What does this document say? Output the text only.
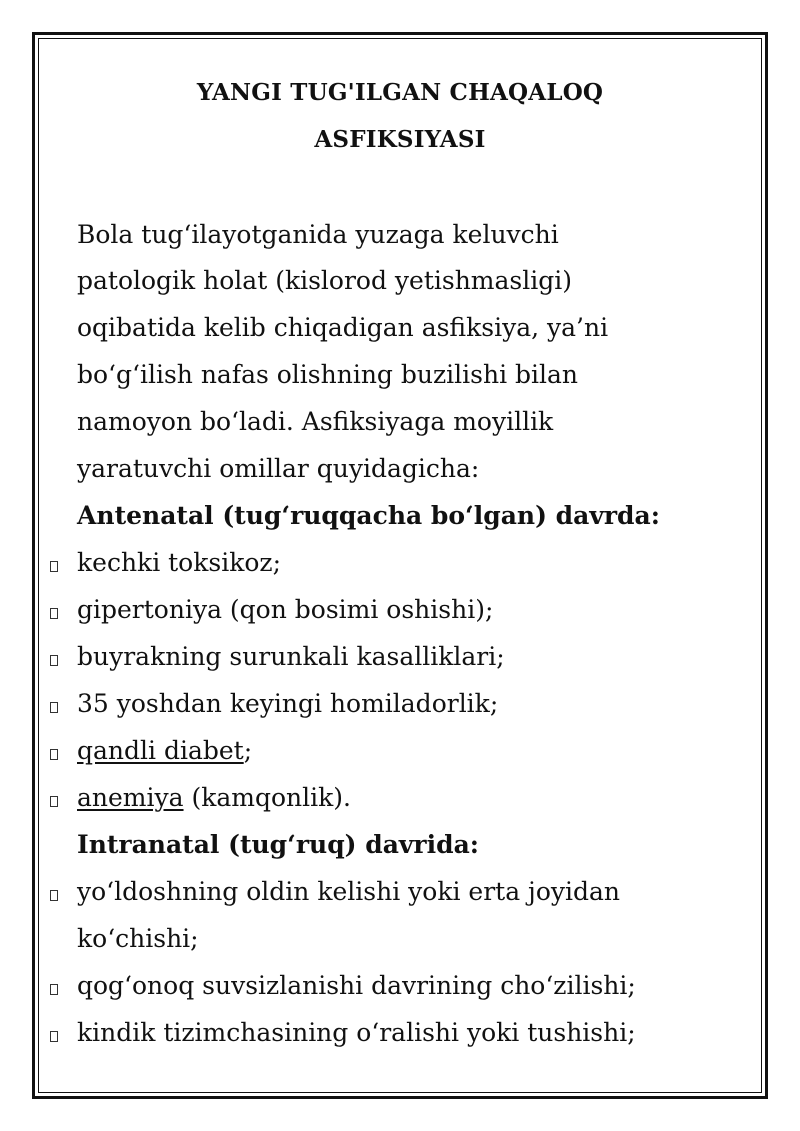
YANGI TUG'ILGAN CHAQALOQ
ASFIKSIYASI

Bola tug‘ilayotganida yuzaga keluvchi

patologik holat (kislorod yetishmasligi)

oqibatida kelib chiqadigan asfiksiya, ya’ni

bo‘g‘ilish nafas olishning buzilishi bilan

namoyon bo‘ladi. Asfiksiyaga moyillik

yaratuvchi omillar quyidagicha:

Antenatal (tug‘ruqqacha bo‘lgan) davrda:

kechki toksikoz;

gipertoniya (qon bosimi oshishi);

buyrakning surunkali kasalliklari;

35 yoshdan keyingi homiladorlik;

qandli diabet;

anemiya (kamqonlik).

Intranatal (tug‘ruq) davrida:

yo‘ldoshning oldin kelishi yoki erta joyidan

ko‘chishi;

qog‘onoq suvsizlanishi davrining cho‘zilishi;

kindik tizimchasining o‘ralishi yoki tushishi;
